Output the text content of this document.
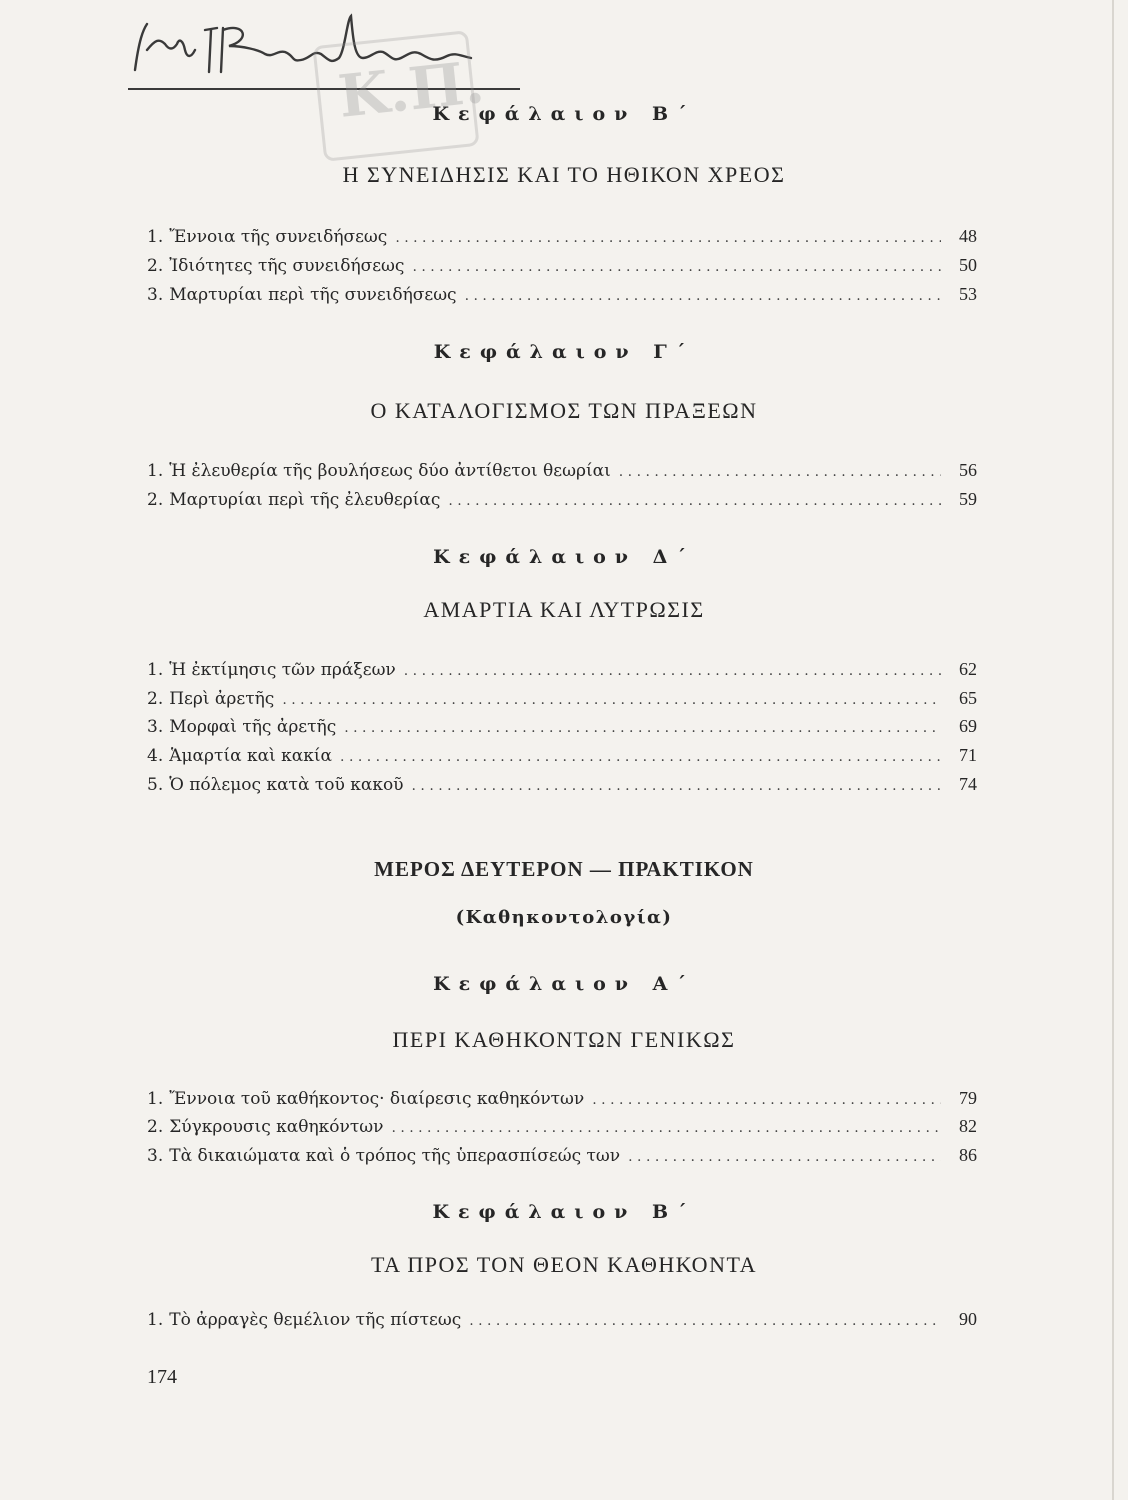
Κ.Π.
Κεφάλαιον Β΄
Η ΣΥΝΕΙΔΗΣΙΣ ΚΑΙ ΤΟ ΗΘΙΚΟΝ ΧΡΕΟΣ
1. Ἔννοια τῆς συνειδήσεως . . .	48
2. Ἰδιότητες τῆς συνειδήσεως . . .	50
3. Μαρτυρίαι περὶ τῆς συνειδήσεως . . .	53
Κεφάλαιον Γ΄
Ο ΚΑΤΑΛΟΓΙΣΜΟΣ ΤΩΝ ΠΡΑΞΕΩΝ
1. Ἡ ἐλευθερία τῆς βουλήσεως δύο ἀντίθετοι θεωρίαι . . .	56
2. Μαρτυρίαι περὶ τῆς ἐλευθερίας . . .	59
Κεφάλαιον Δ΄
ΑΜΑΡΤΙΑ ΚΑΙ ΛΥΤΡΩΣΙΣ
1. Ἡ ἐκτίμησις τῶν πράξεων . . .	62
2. Περὶ ἀρετῆς . . .	65
3. Μορφαὶ τῆς ἀρετῆς . . .	69
4. Ἁμαρτία καὶ κακία . . .	71
5. Ὁ πόλεμος κατὰ τοῦ κακοῦ . . .	74
ΜΕΡΟΣ ΔΕΥΤΕΡΟΝ — ΠΡΑΚΤΙΚΟΝ
(Καθηκοντολογία)
Κεφάλαιον Α΄
ΠΕΡΙ ΚΑΘΗΚΟΝΤΩΝ ΓΕΝΙΚΩΣ
1. Ἔννοια τοῦ καθήκοντος· διαίρεσις καθηκόντων . . .	79
2. Σύγκρουσις καθηκόντων . . .	82
3. Τὰ δικαιώματα καὶ ὁ τρόπος τῆς ὑπερασπίσεώς των . . .	86
Κεφάλαιον Β΄
ΤΑ ΠΡΟΣ ΤΟΝ ΘΕΟΝ ΚΑΘΗΚΟΝΤΑ
1. Τὸ ἀρραγὲς θεμέλιον τῆς πίστεως . . .	90
174
